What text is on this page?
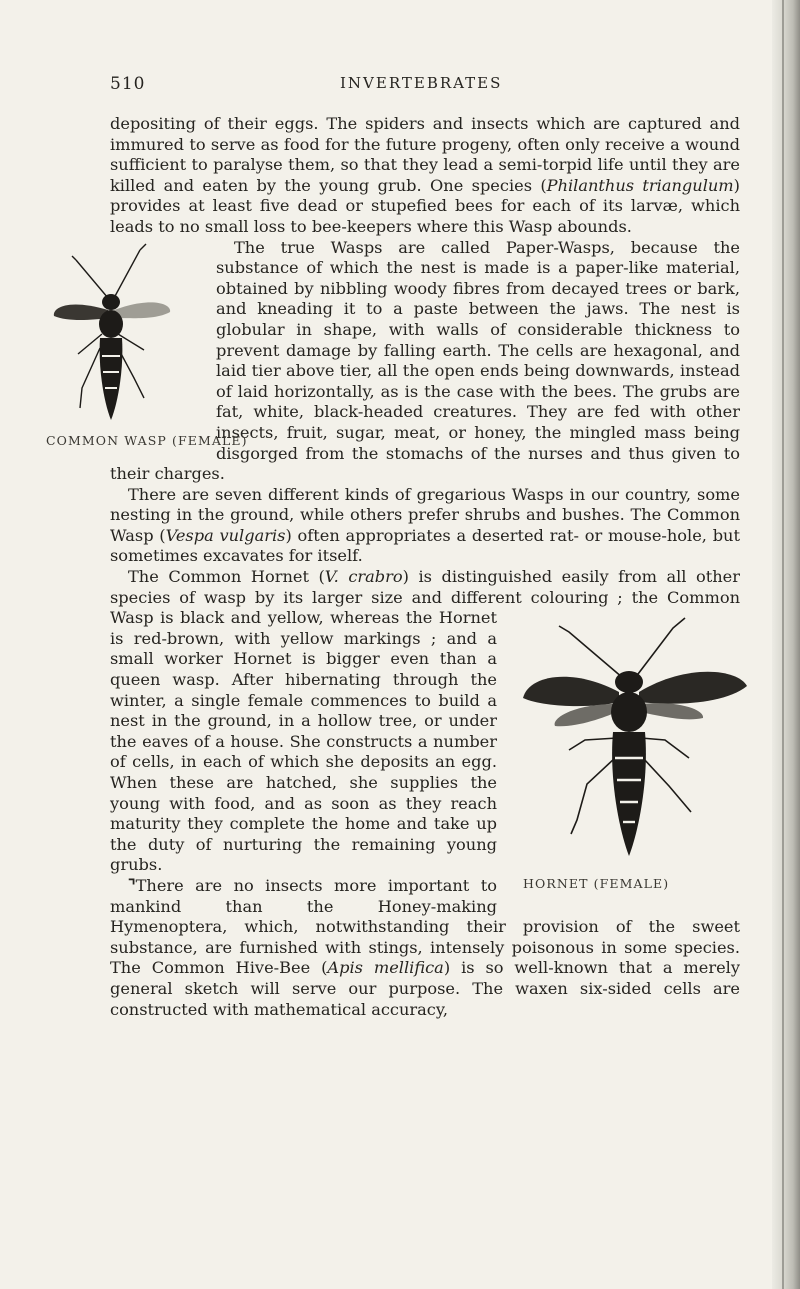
510	INVERTEBRATES

depositing of their eggs. The spiders and insects which are captured and immured to serve as food for the future progeny, often only receive a wound sufficient to paralyse them, so that they lead a semi-torpid life until they are killed and eaten by the young grub. One species (Philanthus triangulum) provides at least five dead or stupefied bees for each of its larvæ, which leads to no small loss to bee-keepers where this Wasp abounds.

COMMON WASP (FEMALE)
The true Wasps are called Paper-Wasps, because the substance of which the nest is made is a paper-like material, obtained by nibbling woody fibres from decayed trees or bark, and kneading it to a paste between the jaws. The nest is globular in shape, with walls of considerable thickness to prevent damage by falling earth. The cells are hexagonal, and laid tier above tier, all the open ends being downwards, instead of laid horizontally, as is the case with the bees. The grubs are fat, white, black-headed creatures. They are fed with other insects, fruit, sugar, meat, or honey, the mingled mass being disgorged from the stomachs of the nurses and thus given to their charges.

There are seven different kinds of gregarious Wasps in our country, some nesting in the ground, while others prefer shrubs and bushes. The Common Wasp (Vespa vulgaris) often appropriates a deserted rat- or mouse-hole, but sometimes excavates for itself.

The Common Hornet (V. crabro) is distinguished easily from all other species of wasp by its larger size and different colouring ;
HORNET (FEMALE)
the Common Wasp is black and yellow, whereas the Hornet is red-brown, with yellow markings ; and a small worker Hornet is bigger even than a queen wasp. After hibernating through the winter, a single female commences to build a nest in the ground, in a hollow tree, or under the eaves of a house. She constructs a number of cells, in each of which she deposits an egg. When these are hatched, she supplies the young with food, and as soon as they reach maturity they complete the home and take up the duty of nurturing the remaining young grubs.

⌝There are no insects more important to mankind than the Honey-making Hymenoptera, which, notwithstanding their provision of the sweet substance, are furnished with stings, intensely poisonous in some species. The Common Hive-Bee (Apis mellifica) is so well-known that a merely general sketch will serve our purpose. The waxen six-sided cells are constructed with mathematical accuracy,
